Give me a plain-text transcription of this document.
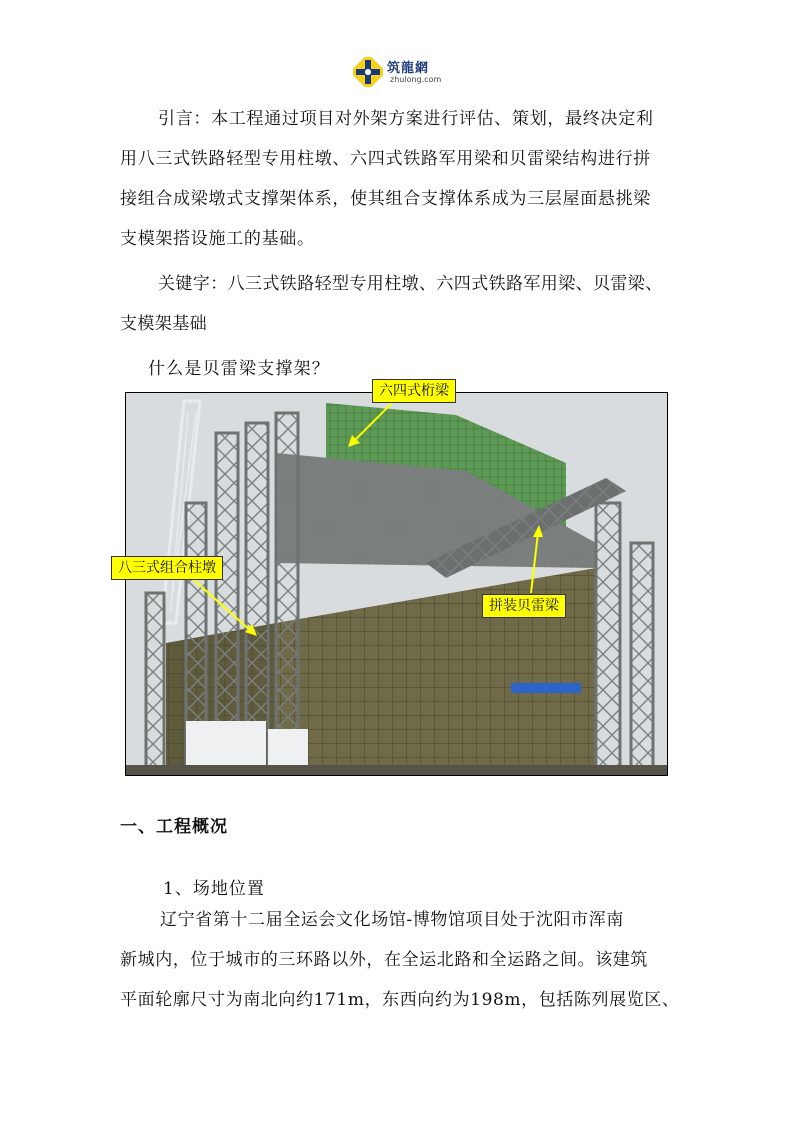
筑龍網
zhulong.com
引言：本工程通过项目对外架方案进行评估、策划，最终决定利
用八三式铁路轻型专用柱墩、六四式铁路军用梁和贝雷梁结构进行拼
接组合成梁墩式支撑架体系，使其组合支撑体系成为三层屋面悬挑梁
支模架搭设施工的基础。
关键字：八三式铁路轻型专用柱墩、六四式铁路军用梁、贝雷梁、
支模架基础
什么是贝雷梁支撑架？
六四式桁梁
八三式组合柱墩
拼装贝雷梁
一、工程概况
1、场地位置
辽宁省第十二届全运会文化场馆-博物馆项目处于沈阳市浑南
新城内，位于城市的三环路以外，在全运北路和全运路之间。该建筑
平面轮廓尺寸为南北向约171m，东西向约为198m，包括陈列展览区、
